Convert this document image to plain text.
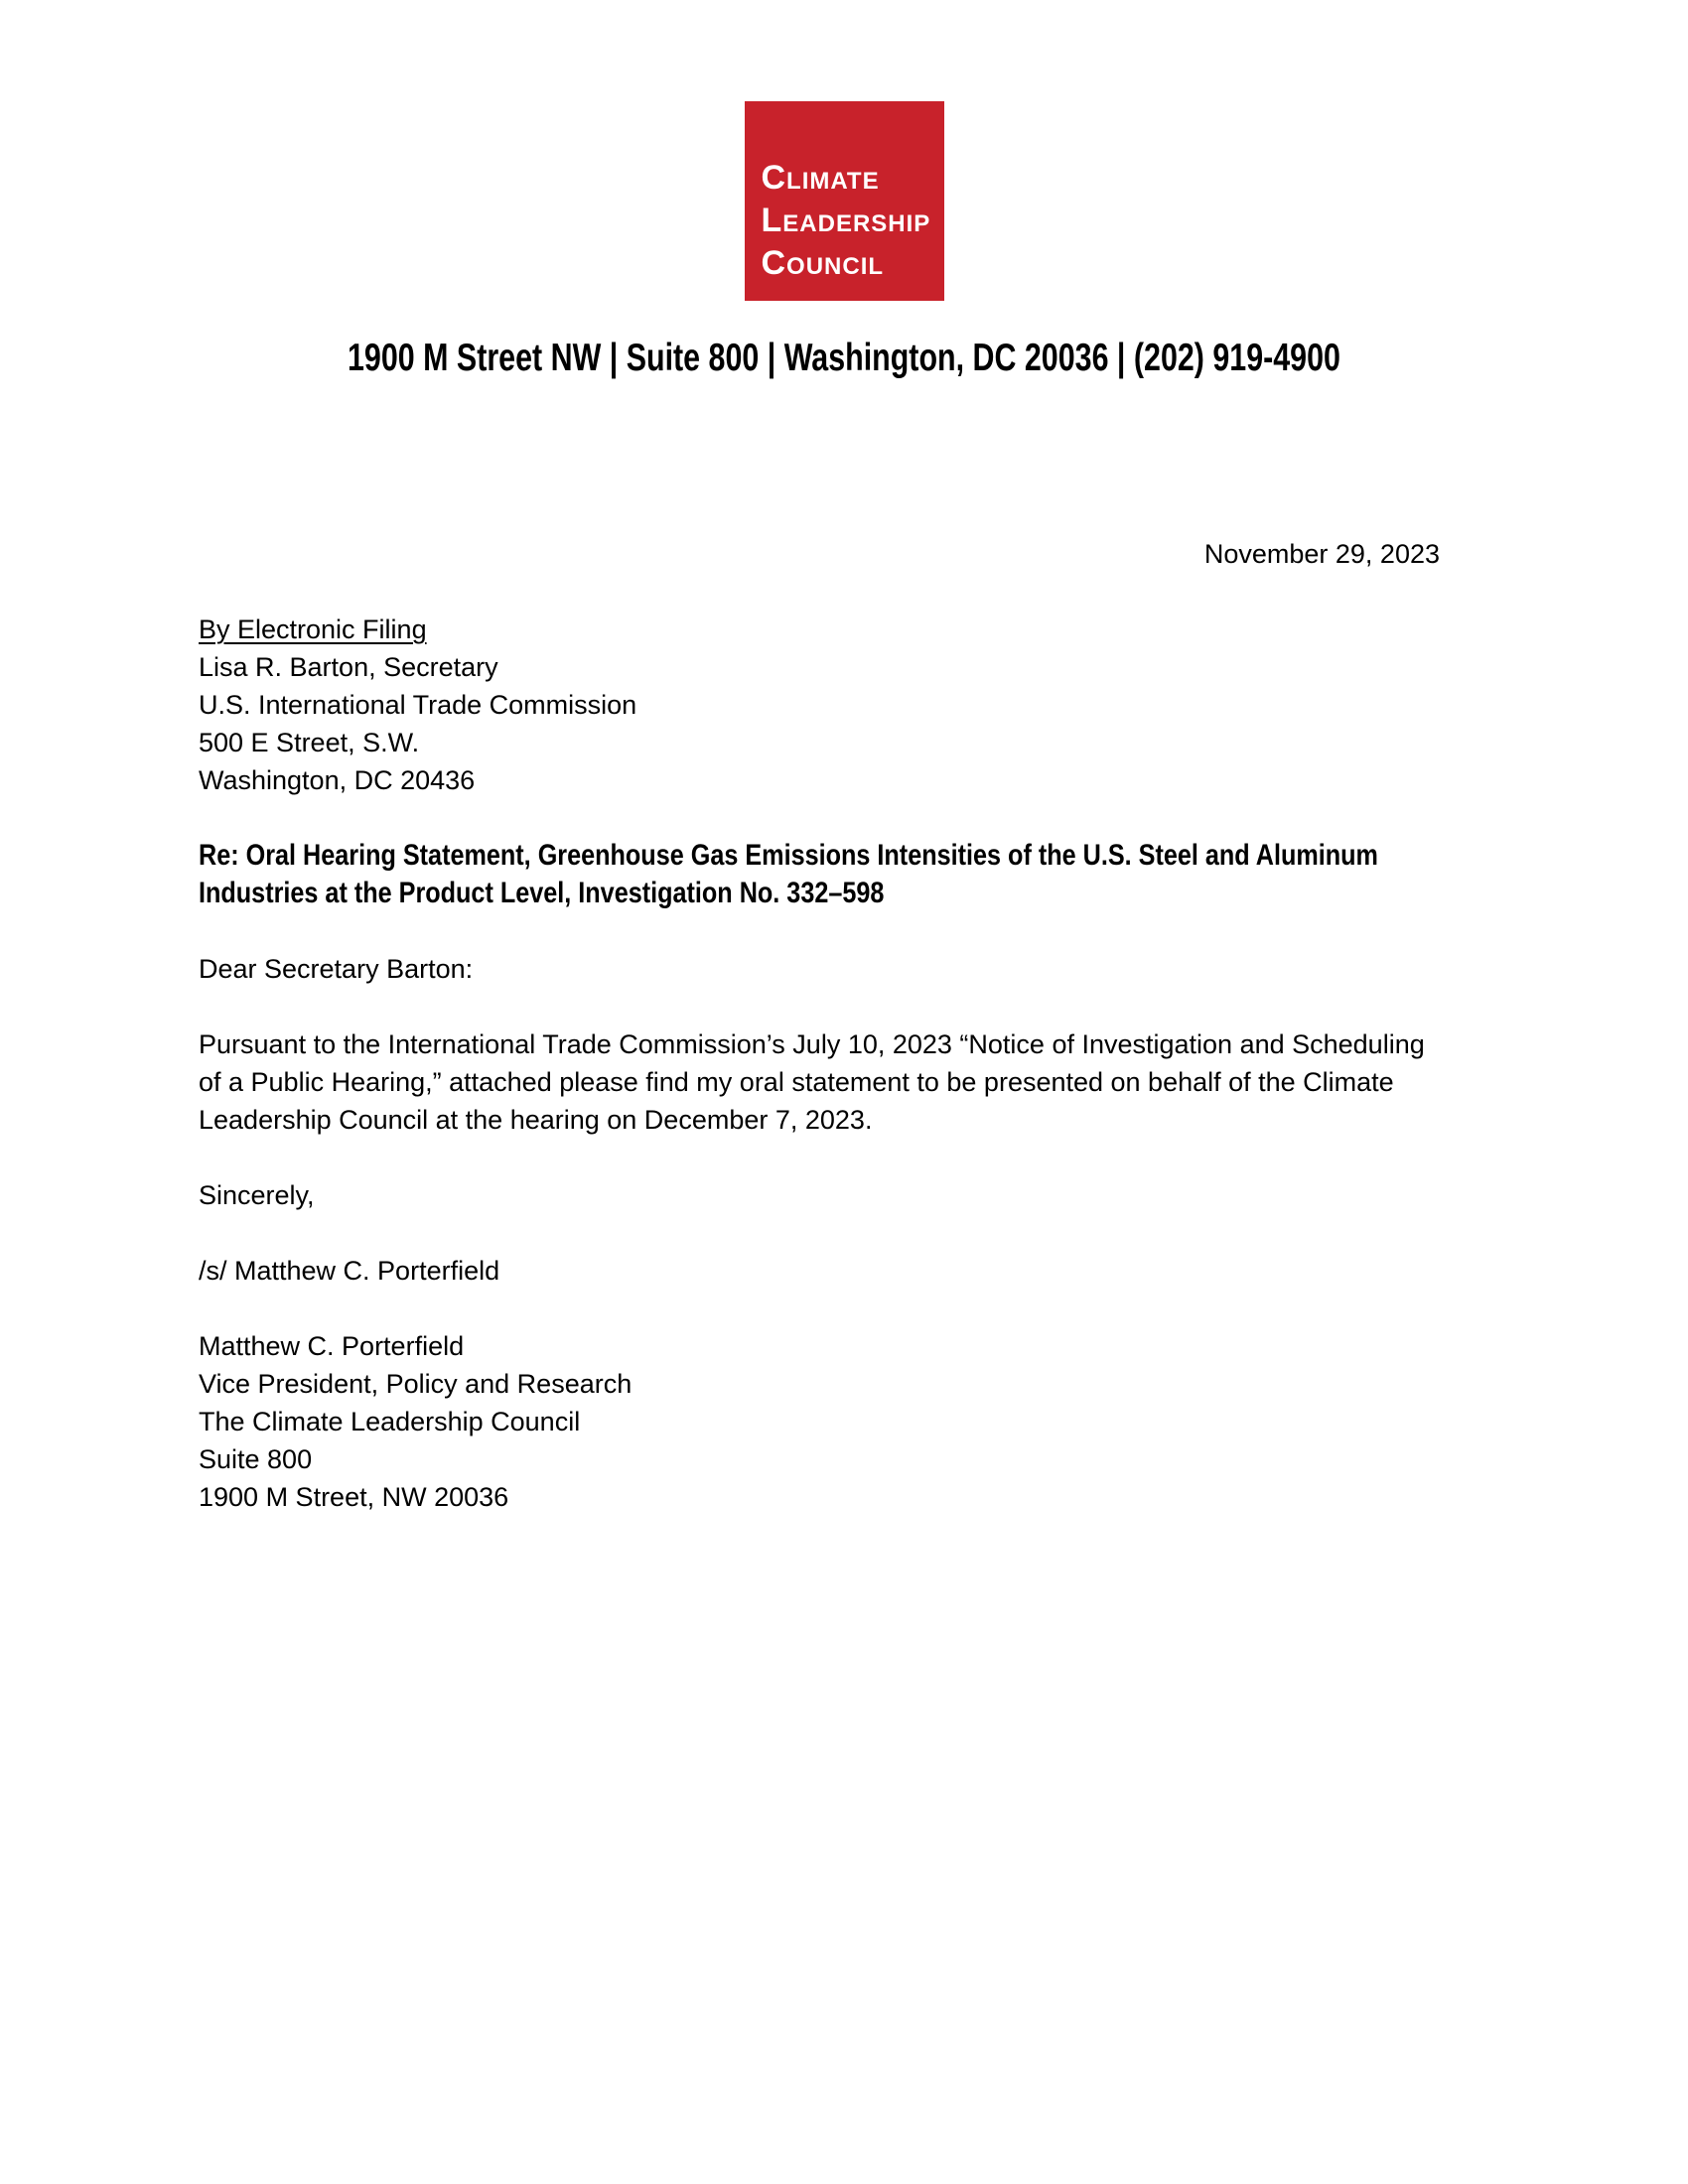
Climate
Leadership
Council
1900 M Street NW | Suite 800 | Washington, DC 20036 | (202) 919-4900
November 29, 2023
By Electronic Filing
Lisa R. Barton, Secretary
U.S. International Trade Commission
500 E Street, S.W.
Washington, DC 20436
Re: Oral Hearing Statement, Greenhouse Gas Emissions Intensities of the U.S. Steel and Aluminum
Industries at the Product Level, Investigation No. 332–598
Dear Secretary Barton:
Pursuant to the International Trade Commission’s July 10, 2023 “Notice of Investigation and Scheduling
of a Public Hearing,” attached please find my oral statement to be presented on behalf of the Climate
Leadership Council at the hearing on December 7, 2023.
Sincerely,
/s/ Matthew C. Porterfield
Matthew C. Porterfield
Vice President, Policy and Research
The Climate Leadership Council
Suite 800
1900 M Street, NW 20036
